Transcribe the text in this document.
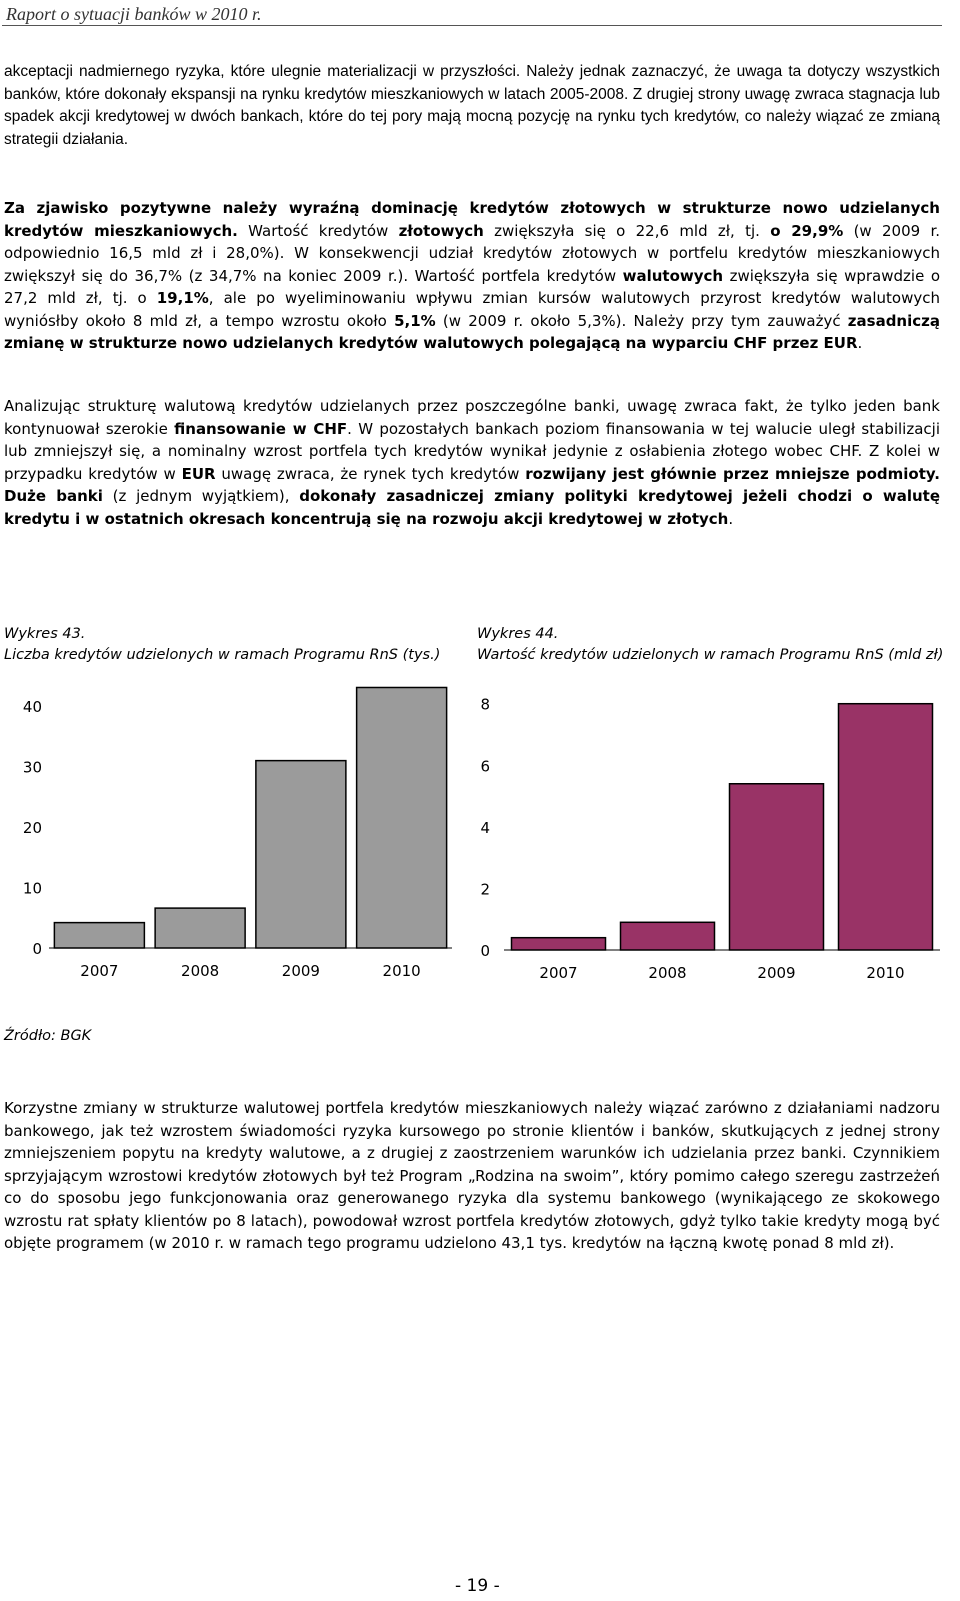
Raport o sytuacji banków w 2010 r.

akceptacji nadmiernego ryzyka, które ulegnie materializacji w przyszłości. Należy jednak zaznaczyć, że uwaga ta dotyczy wszystkich banków, które dokonały ekspansji na rynku kredytów mieszkaniowych w latach 2005-2008. Z drugiej strony uwagę zwraca stagnacja lub spadek akcji kredytowej w dwóch bankach, które do tej pory mają mocną pozycję na rynku tych kredytów, co należy wiązać ze zmianą strategii działania.

Za zjawisko pozytywne należy wyraźną dominację kredytów złotowych w strukturze nowo udzielanych kredytów mieszkaniowych. Wartość kredytów złotowych zwiększyła się o 22,6 mld zł, tj. o 29,9% (w 2009 r. odpowiednio 16,5 mld zł i 28,0%). W konsekwencji udział kredytów złotowych w portfelu kredytów mieszkaniowych zwiększył się do 36,7% (z 34,7% na koniec 2009 r.). Wartość portfela kredytów walutowych zwiększyła się wprawdzie o 27,2 mld zł, tj. o 19,1%, ale po wyeliminowaniu wpływu zmian kursów walutowych przyrost kredytów walutowych wyniósłby około 8 mld zł, a tempo wzrostu około 5,1% (w 2009 r. około 5,3%). Należy przy tym zauważyć zasadniczą zmianę w strukturze nowo udzielanych kredytów walutowych polegającą na wyparciu CHF przez EUR.

Analizując strukturę walutową kredytów udzielanych przez poszczególne banki, uwagę zwraca fakt, że tylko jeden bank kontynuował szerokie finansowanie w CHF. W pozostałych bankach poziom finansowania w tej walucie uległ stabilizacji lub zmniejszył się, a nominalny wzrost portfela tych kredytów wynikał jedynie z osłabienia złotego wobec CHF. Z kolei w przypadku kredytów w EUR uwagę zwraca, że rynek tych kredytów rozwijany jest głównie przez mniejsze podmioty. Duże banki (z jednym wyjątkiem), dokonały zasadniczej zmiany polityki kredytowej jeżeli chodzi o walutę kredytu i w ostatnich okresach koncentrują się na rozwoju akcji kredytowej w złotych.

Wykres 43.
Liczba kredytów udzielonych w ramach Programu RnS (tys.)
Wykres 44.
Wartość kredytów udzielonych w ramach Programu RnS (mld zł)
0
10
20
30
40
2007	2008	2009	2010
0
2
4
6
8
2007	2008	2009	2010
Źródło: BGK

Korzystne zmiany w strukturze walutowej portfela kredytów mieszkaniowych należy wiązać zarówno z działaniami nadzoru bankowego, jak też wzrostem świadomości ryzyka kursowego po stronie klientów i banków, skutkujących z jednej strony zmniejszeniem popytu na kredyty walutowe, a z drugiej z zaostrzeniem warunków ich udzielania przez banki. Czynnikiem sprzyjającym wzrostowi kredytów złotowych był też Program „Rodzina na swoim”, który pomimo całego szeregu zastrzeżeń co do sposobu jego funkcjonowania oraz generowanego ryzyka dla systemu bankowego (wynikającego ze skokowego wzrostu rat spłaty klientów po 8 latach), powodował wzrost portfela kredytów złotowych, gdyż tylko takie kredyty mogą być objęte programem (w 2010 r. w ramach tego programu udzielono 43,1 tys. kredytów na łączną kwotę ponad 8 mld zł).

- 19 -
